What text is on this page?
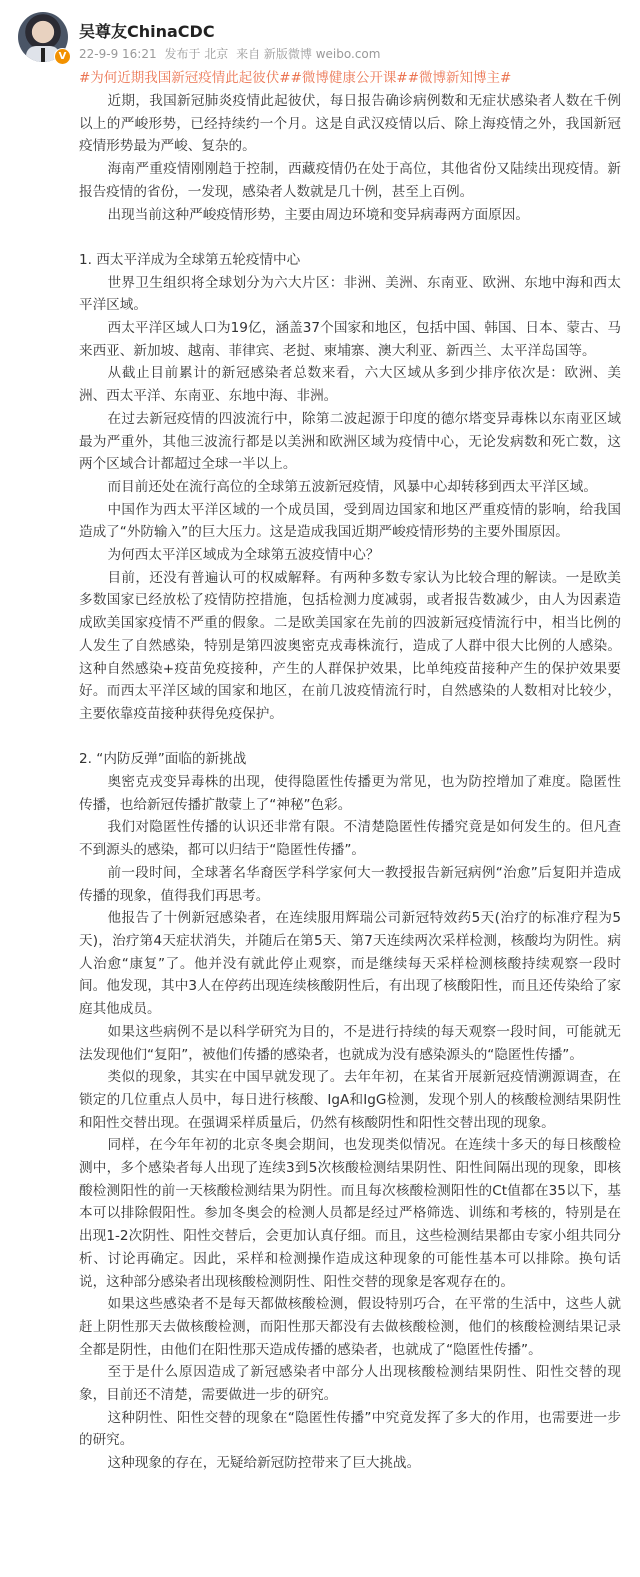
V
吴尊友ChinaCDC
22-9-9 16:21 发布于 北京 来自 新版微博 weibo.com
#为何近期我国新冠疫情此起彼伏##微博健康公开课##微博新知博主#

近期，我国新冠肺炎疫情此起彼伏，每日报告确诊病例数和无症状感染者人数在千例以上的严峻形势，已经持续约一个月。这是自武汉疫情以后、除上海疫情之外，我国新冠疫情形势最为严峻、复杂的。

海南严重疫情刚刚趋于控制，西藏疫情仍在处于高位，其他省份又陆续出现疫情。新报告疫情的省份，一发现，感染者人数就是几十例，甚至上百例。

出现当前这种严峻疫情形势，主要由周边环境和变异病毒两方面原因。

1. 西太平洋成为全球第五轮疫情中心

世界卫生组织将全球划分为六大片区：非洲、美洲、东南亚、欧洲、东地中海和西太平洋区域。

西太平洋区域人口为19亿，涵盖37个国家和地区，包括中国、韩国、日本、蒙古、马来西亚、新加坡、越南、菲律宾、老挝、柬埔寨、澳大利亚、新西兰、太平洋岛国等。

从截止目前累计的新冠感染者总数来看，六大区域从多到少排序依次是：欧洲、美洲、西太平洋、东南亚、东地中海、非洲。

在过去新冠疫情的四波流行中，除第二波起源于印度的德尔塔变异毒株以东南亚区域最为严重外，其他三波流行都是以美洲和欧洲区域为疫情中心，无论发病数和死亡数，这两个区域合计都超过全球一半以上。

而目前还处在流行高位的全球第五波新冠疫情，风暴中心却转移到西太平洋区域。

中国作为西太平洋区域的一个成员国，受到周边国家和地区严重疫情的影响，给我国造成了“外防输入”的巨大压力。这是造成我国近期严峻疫情形势的主要外围原因。

为何西太平洋区域成为全球第五波疫情中心？

目前，还没有普遍认可的权威解释。有两种多数专家认为比较合理的解读。一是欧美多数国家已经放松了疫情防控措施，包括检测力度减弱，或者报告数减少，由人为因素造成欧美国家疫情不严重的假象。二是欧美国家在先前的四波新冠疫情流行中，相当比例的人发生了自然感染，特别是第四波奥密克戎毒株流行，造成了人群中很大比例的人感染。这种自然感染+疫苗免疫接种，产生的人群保护效果，比单纯疫苗接种产生的保护效果要好。而西太平洋区域的国家和地区，在前几波疫情流行时，自然感染的人数相对比较少，主要依靠疫苗接种获得免疫保护。

2. “内防反弹”面临的新挑战

奥密克戎变异毒株的出现，使得隐匿性传播更为常见，也为防控增加了难度。隐匿性传播，也给新冠传播扩散蒙上了“神秘”色彩。

我们对隐匿性传播的认识还非常有限。不清楚隐匿性传播究竟是如何发生的。但凡查不到源头的感染，都可以归结于“隐匿性传播”。

前一段时间，全球著名华裔医学科学家何大一教授报告新冠病例“治愈”后复阳并造成传播的现象，值得我们再思考。

他报告了十例新冠感染者，在连续服用辉瑞公司新冠特效药5天(治疗的标准疗程为5天)，治疗第4天症状消失，并随后在第5天、第7天连续两次采样检测，核酸均为阴性。病人治愈“康复”了。他并没有就此停止观察，而是继续每天采样检测核酸持续观察一段时间。他发现，其中3人在停药出现连续核酸阴性后，有出现了核酸阳性，而且还传染给了家庭其他成员。

如果这些病例不是以科学研究为目的，不是进行持续的每天观察一段时间，可能就无法发现他们“复阳”，被他们传播的感染者，也就成为没有感染源头的“隐匿性传播”。

类似的现象，其实在中国早就发现了。去年年初，在某省开展新冠疫情溯源调查，在锁定的几位重点人员中，每日进行核酸、IgA和IgG检测，发现个别人的核酸检测结果阴性和阳性交替出现。在强调采样质量后，仍然有核酸阴性和阳性交替出现的现象。

同样，在今年年初的北京冬奥会期间，也发现类似情况。在连续十多天的每日核酸检测中，多个感染者每人出现了连续3到5次核酸检测结果阴性、阳性间隔出现的现象，即核酸检测阳性的前一天核酸检测结果为阴性。而且每次核酸检测阳性的Ct值都在35以下，基本可以排除假阳性。参加冬奥会的检测人员都是经过严格筛选、训练和考核的，特别是在出现1-2次阴性、阳性交替后，会更加认真仔细。而且，这些检测结果都由专家小组共同分析、讨论再确定。因此，采样和检测操作造成这种现象的可能性基本可以排除。换句话说，这种部分感染者出现核酸检测阴性、阳性交替的现象是客观存在的。

如果这些感染者不是每天都做核酸检测，假设特别巧合，在平常的生活中，这些人就赶上阴性那天去做核酸检测，而阳性那天都没有去做核酸检测，他们的核酸检测结果记录全都是阴性，由他们在阳性那天造成传播的感染者，也就成了“隐匿性传播”。

至于是什么原因造成了新冠感染者中部分人出现核酸检测结果阴性、阳性交替的现象，目前还不清楚，需要做进一步的研究。

这种阴性、阳性交替的现象在“隐匿性传播”中究竟发挥了多大的作用，也需要进一步的研究。

这种现象的存在，无疑给新冠防控带来了巨大挑战。
